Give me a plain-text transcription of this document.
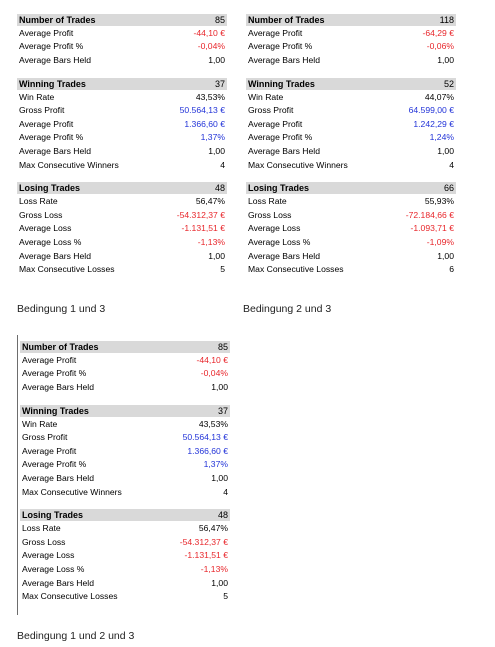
Number of Trades	85
Average Profit	-44,10 €
Average Profit %	-0,04%
Average Bars Held	1,00
Winning Trades	37
Win Rate	43,53%
Gross Profit	50.564,13 €
Average Profit	1.366,60 €
Average Profit %	1,37%
Average Bars Held	1,00
Max Consecutive Winners	4
Losing Trades	48
Loss Rate	56,47%
Gross Loss	-54.312,37 €
Average Loss	-1.131,51 €
Average Loss %	-1,13%
Average Bars Held	1,00
Max Consecutive Losses	5
Bedingung 1 und 3
Number of Trades	118
Average Profit	-64,29 €
Average Profit %	-0,06%
Average Bars Held	1,00
Winning Trades	52
Win Rate	44,07%
Gross Profit	64.599,00 €
Average Profit	1.242,29 €
Average Profit %	1,24%
Average Bars Held	1,00
Max Consecutive Winners	4
Losing Trades	66
Loss Rate	55,93%
Gross Loss	-72.184,66 €
Average Loss	-1.093,71 €
Average Loss %	-1,09%
Average Bars Held	1,00
Max Consecutive Losses	6
Bedingung 2 und 3
Number of Trades	85
Average Profit	-44,10 €
Average Profit %	-0,04%
Average Bars Held	1,00
Winning Trades	37
Win Rate	43,53%
Gross Profit	50.564,13 €
Average Profit	1.366,60 €
Average Profit %	1,37%
Average Bars Held	1,00
Max Consecutive Winners	4
Losing Trades	48
Loss Rate	56,47%
Gross Loss	-54.312,37 €
Average Loss	-1.131,51 €
Average Loss %	-1,13%
Average Bars Held	1,00
Max Consecutive Losses	5
Bedingung 1 und 2 und 3
